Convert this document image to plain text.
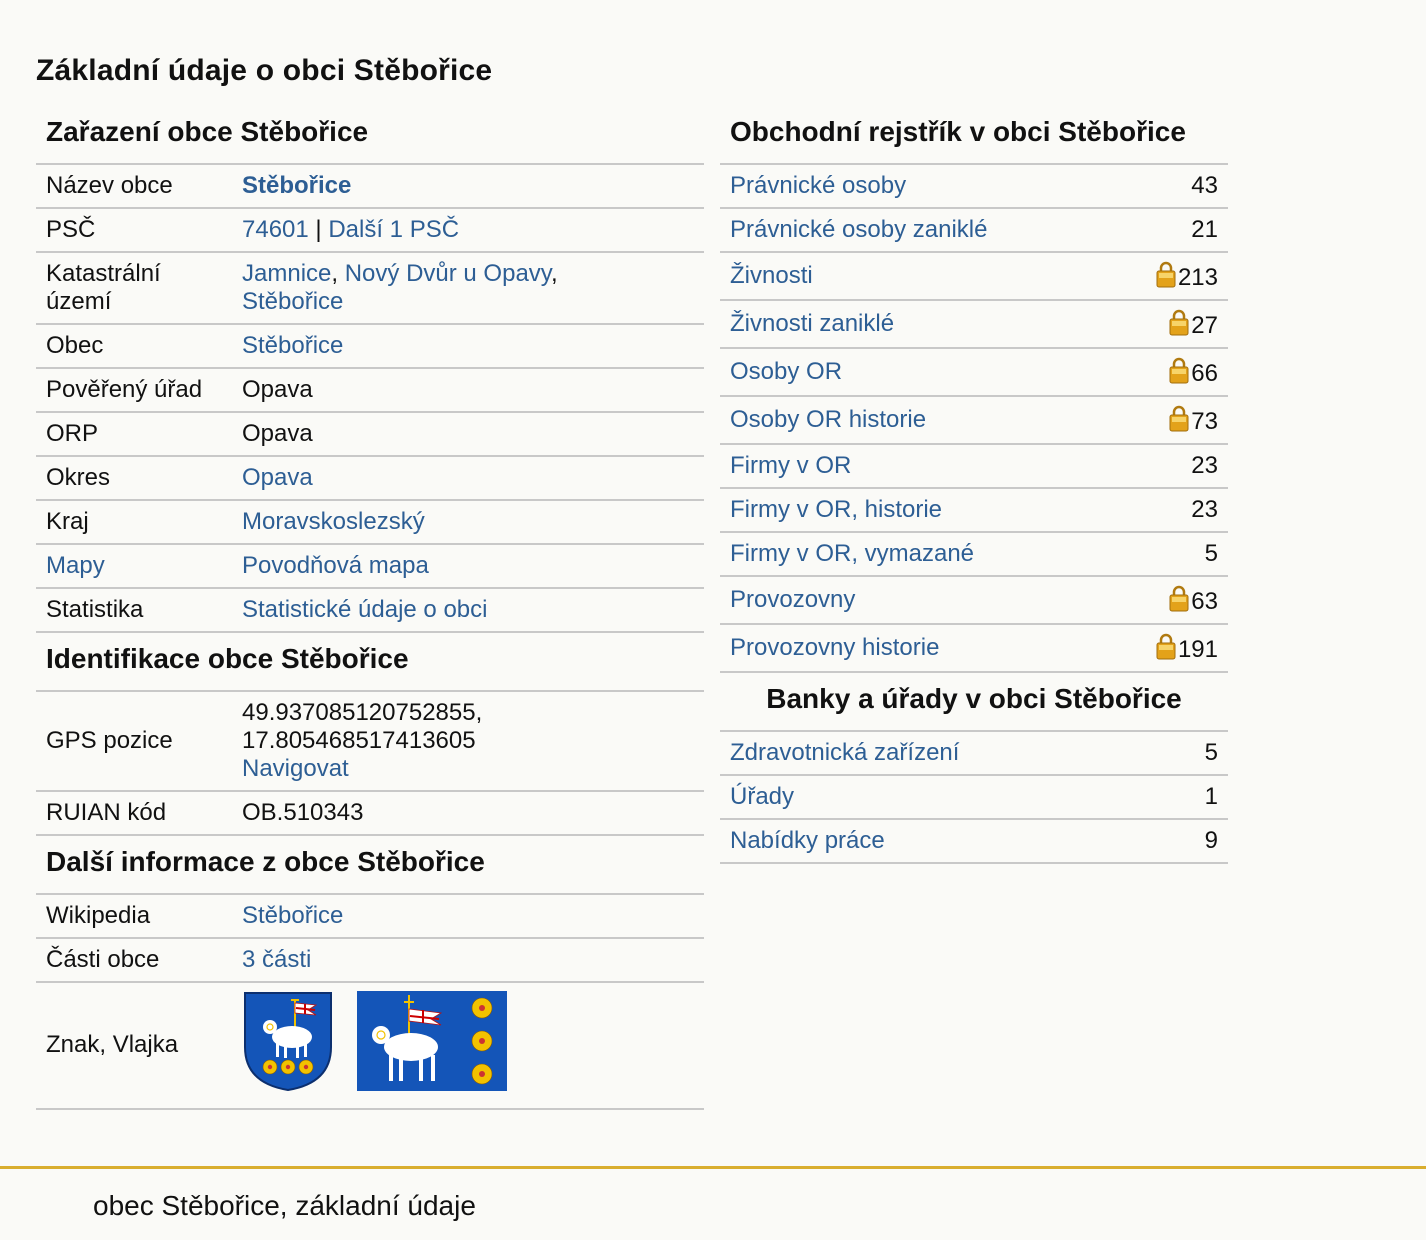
Základní údaje o obci Stěbořice
Zařazení obce Stěbořice
Název obce	Stěbořice
PSČ	74601 | Další 1 PSČ
Katastrální území	Jamnice, Nový Dvůr u Opavy,
Stěbořice
Obec	Stěbořice
Pověřený úřad	Opava
ORP	Opava
Okres	Opava
Kraj	Moravskoslezský
Mapy	Povodňová mapa
Statistika	Statistické údaje o obci
Identifikace obce Stěbořice
GPS pozice	49.937085120752855,
17.805468517413605
Navigovat
RUIAN kód	OB.510343
Další informace z obce Stěbořice
Wikipedia	Stěbořice
Části obce	3 části
Znak, Vlajka	
Obchodní rejstřík v obci Stěbořice
Právnické osoby	43
Právnické osoby zaniklé	21
Živnosti	213
Živnosti zaniklé	27
Osoby OR	66
Osoby OR historie	73
Firmy v OR	23
Firmy v OR, historie	23
Firmy v OR, vymazané	5
Provozovny	63
Provozovny historie	191
Banky a úřady v obci Stěbořice
Zdravotnická zařízení	5
Úřady	1
Nabídky práce	9
obec Stěbořice, základní údaje
